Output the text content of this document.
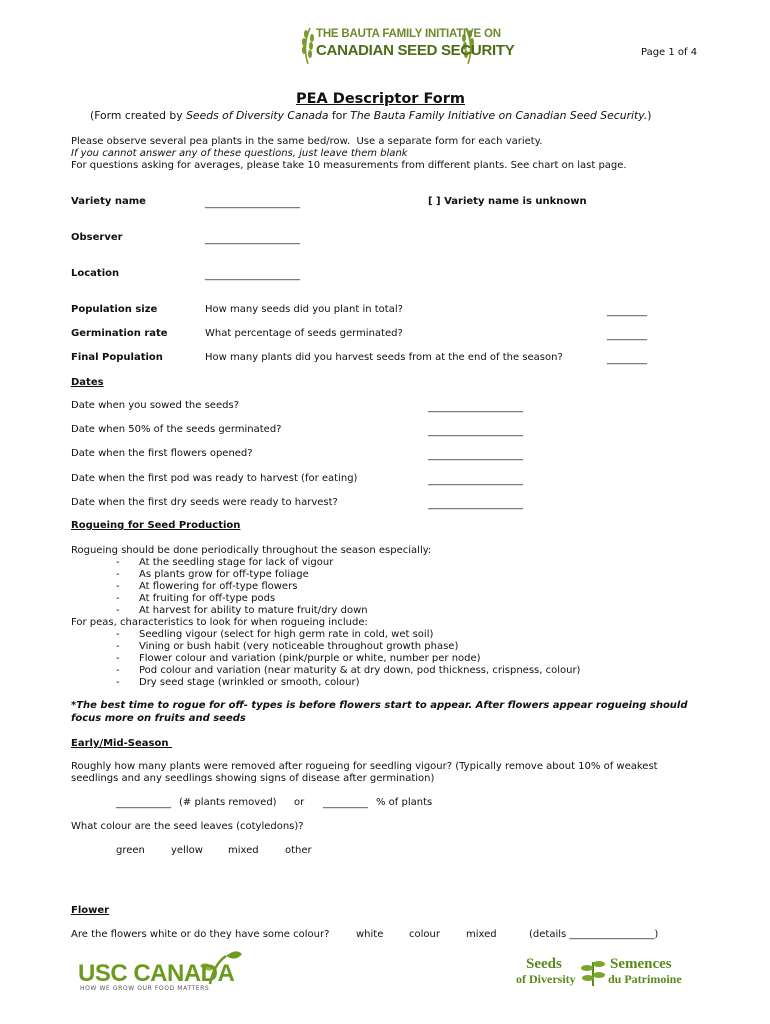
THE BAUTA FAMILY INITIATIVE ON
CANADIAN SEED SECURITY	Page 1 of 4
PEA Descriptor Form
(Form created by Seeds of Diversity Canada for The Bauta Family Initiative on Canadian Seed Security.)
Please observe several pea plants in the same bed/row.  Use a separate form for each variety.
If you cannot answer any of these questions, just leave them blank
For questions asking for averages, please take 10 measurements from different plants. See chart on last page.
Variety name	___________________	[ ] Variety name is unknown
Observer	___________________
Location	___________________
Population size	How many seeds did you plant in total?	________
Germination rate	What percentage of seeds germinated?	________
Final Population	How many plants did you harvest seeds from at the end of the season?	________
Dates
Date when you sowed the seeds?	___________________
Date when 50% of the seeds germinated?	___________________
Date when the first flowers opened?	___________________
Date when the first pod was ready to harvest (for eating)	___________________
Date when the first dry seeds were ready to harvest?	___________________
Rogueing for Seed Production
Rogueing should be done periodically throughout the season especially:
- At the seedling stage for lack of vigour
- As plants grow for off-type foliage
- At flowering for off-type flowers
- At fruiting for off-type pods
- At harvest for ability to mature fruit/dry down
For peas, characteristics to look for when rogueing include:
- Seedling vigour (select for high germ rate in cold, wet soil)
- Vining or bush habit (very noticeable throughout growth phase)
- Flower colour and variation (pink/purple or white, number per node)
- Pod colour and variation (near maturity & at dry down, pod thickness, crispness, colour)
- Dry seed stage (wrinkled or smooth, colour)
*The best time to rogue for off- types is before flowers start to appear. After flowers appear rogueing should
focus more on fruits and seeds
Early/Mid-Season
Roughly how many plants were removed after rogueing for seedling vigour? (Typically remove about 10% of weakest
seedlings and any seedlings showing signs of disease after germination)
___________ (# plants removed) or _________ % of plants
What colour are the seed leaves (cotyledons)?
green	yellow	mixed	other
Flower
Are the flowers white or do they have some colour?	white	colour	mixed	(details _________________)
USC CANADA
HOW WE GROW OUR FOOD MATTERS
Seeds
of Diversity
Semences
du Patrimoine
